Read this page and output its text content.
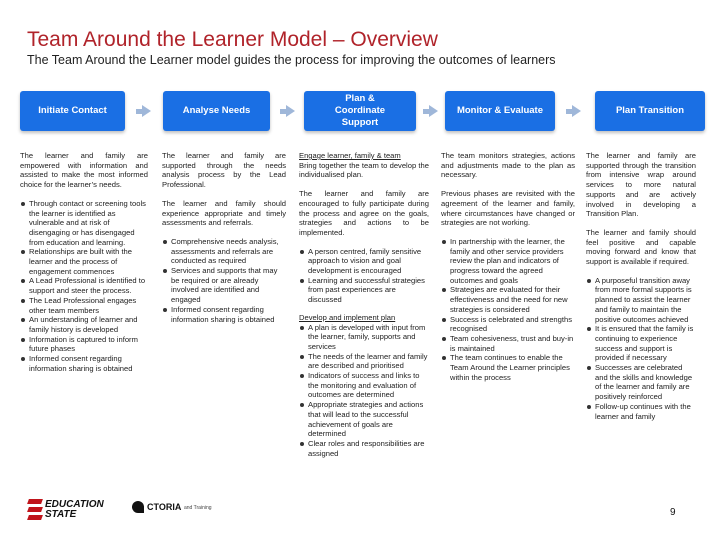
Team Around the Learner Model – Overview
The Team Around the Learner model guides the process for improving the outcomes of learners
Initiate Contact	Analyse Needs
Plan & Coordinate Support
Monitor & Evaluate	Plan Transition

The learner and family are empowered with information and assisted to make the most informed choice for the learner’s needs.

Through contact or screening tools the learner is identified as vulnerable and at risk of disengaging or has disengaged from education and learning.
Relationships are built with the learner and the process of engagement commences
A Lead Professional is identified to support and steer the process.
The Lead Professional engages other team members
An understanding of learner and family history is developed
Information is captured to inform future phases
Informed consent regarding information sharing is obtained

The learner and family are supported through the needs analysis process by the Lead Professional.

The learner and family should experience appropriate and timely assessments and referrals.

Comprehensive needs analysis, assessments and referrals are conducted as required
Services and supports that may be required or are already involved are identified and engaged
Informed consent regarding information sharing is obtained
Engage learner, family & team

Bring together the team to develop the individualised plan.

The learner and family are encouraged to fully participate during the process and agree on the goals, strategies and actions to be implemented.

A person centred, family sensitive approach to vision and goal development is encouraged
Learning and successful strategies from past experiences are discussed
Develop and implement plan
A plan is developed with input from the learner, family, supports and services
The needs of the learner and family are described and prioritised
Indicators of success and links to the monitoring and evaluation of outcomes are determined
Appropriate strategies and actions that will lead to the successful achievement of goals are determined
Clear roles and responsibilities are assigned

The team monitors strategies, actions and adjustments made to the plan as necessary.

Previous phases are revisited with the agreement of the learner and family, where circumstances have changed or strategies are not working.

In partnership with the learner, the family and other service providers review the plan and indicators of progress toward the agreed outcomes and goals
Strategies are evaluated for their effectiveness and the need for new strategies is considered
Success is celebrated and strengths recognised
Team cohesiveness, trust and buy-in is maintained
The team continues to enable the Team Around the Learner principles within the process

The learner and family are supported through the transition from intensive wrap around services to more natural supports and are actively involved in developing a Transition Plan.

The learner and family should feel positive and capable moving forward and know that support is available if required.

A purposeful transition away from more formal supports is planned to assist the learner and family to maintain the positive outcomes achieved
It is ensured that the family is continuing to experience success and support is provided if necessary
Successes are celebrated and the skills and knowledge of the learner and family are positively reinforced
Follow-up continues with the learner and family
EDUCATION
STATE
CTORIA and Training	9
